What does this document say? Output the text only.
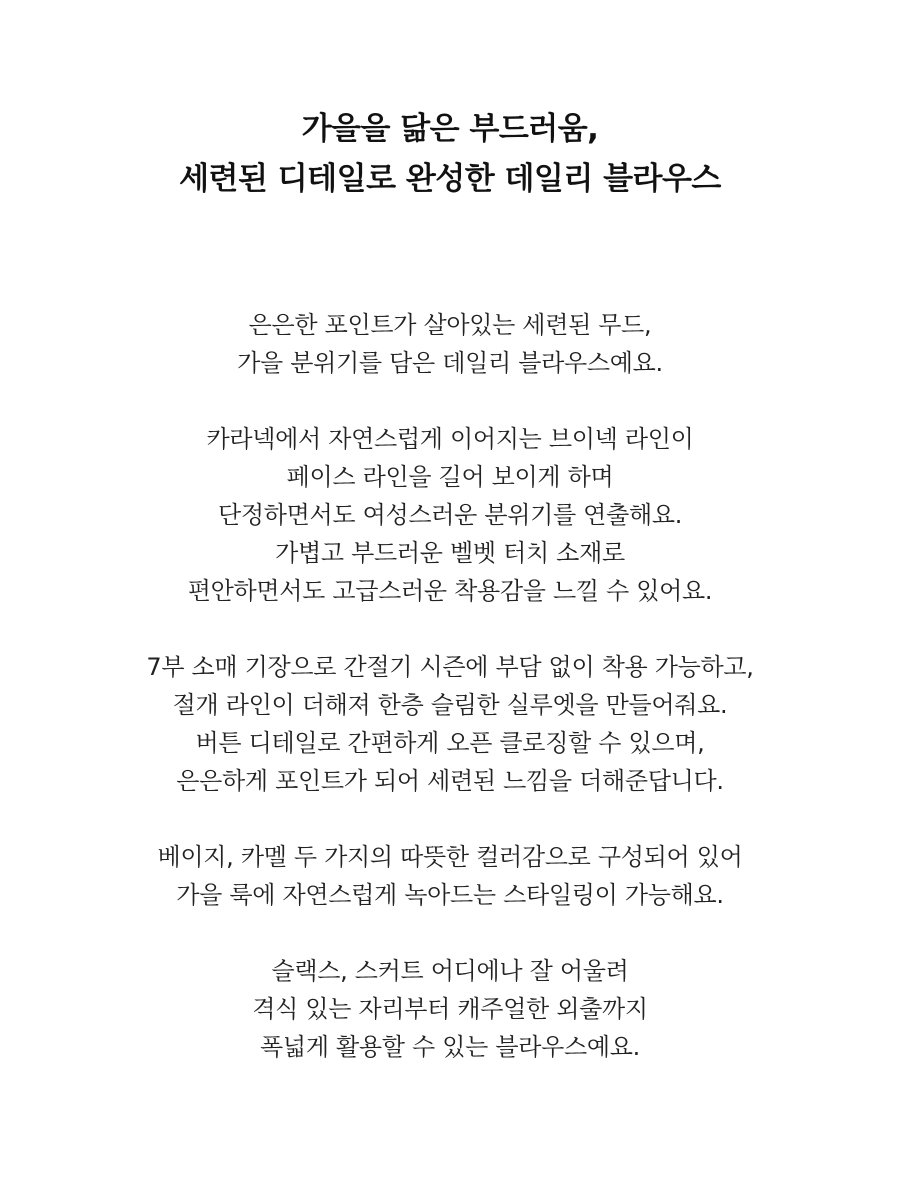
가을을 닮은 부드러움,
세련된 디테일로 완성한 데일리 블라우스
은은한 포인트가 살아있는 세련된 무드,
가을 분위기를 담은 데일리 블라우스예요.
카라넥에서 자연스럽게 이어지는 브이넥 라인이
페이스 라인을 길어 보이게 하며
단정하면서도 여성스러운 분위기를 연출해요.
가볍고 부드러운 벨벳 터치 소재로
편안하면서도 고급스러운 착용감을 느낄 수 있어요.
7부 소매 기장으로 간절기 시즌에 부담 없이 착용 가능하고,
절개 라인이 더해져 한층 슬림한 실루엣을 만들어줘요.
버튼 디테일로 간편하게 오픈 클로징할 수 있으며,
은은하게 포인트가 되어 세련된 느낌을 더해준답니다.
베이지, 카멜 두 가지의 따뜻한 컬러감으로 구성되어 있어
가을 룩에 자연스럽게 녹아드는 스타일링이 가능해요.
슬랙스, 스커트 어디에나 잘 어울려
격식 있는 자리부터 캐주얼한 외출까지
폭넓게 활용할 수 있는 블라우스예요.
